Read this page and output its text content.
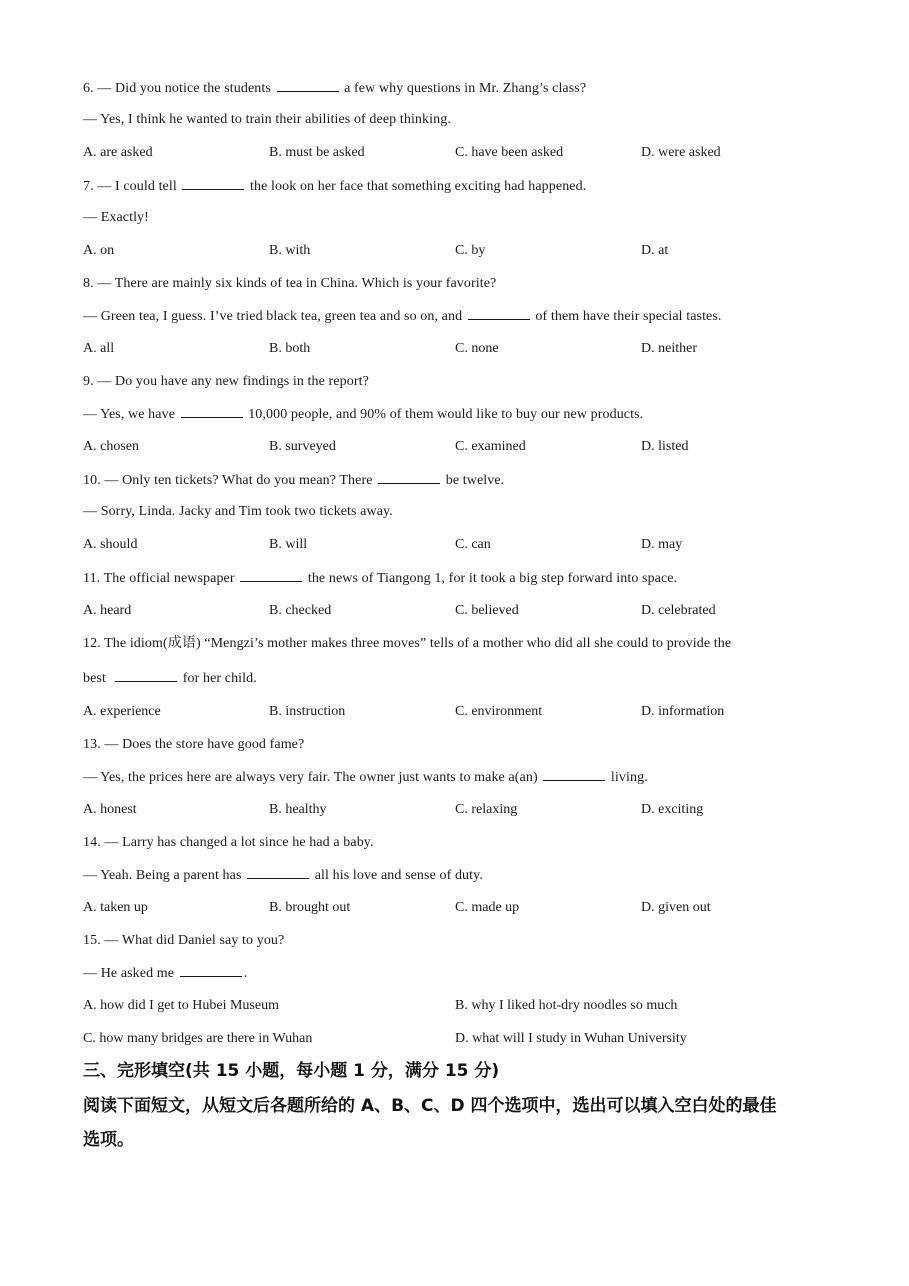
6. — Did you notice the students	a few why questions in Mr. Zhang’s class?
— Yes, I think he wanted to train their abilities of deep thinking.
A. are asked	B. must be asked	C. have been asked	D. were asked
7. — I could tell	the look on her face that something exciting had happened.
— Exactly!
A. on	B. with	C. by	D. at
8. — There are mainly six kinds of tea in China. Which is your favorite?
— Green tea, I guess. I’ve tried black tea, green tea and so on, and	of them have their special tastes.
A. all	B. both	C. none	D. neither
9. — Do you have any new findings in the report?
— Yes, we have	10,000 people, and 90% of them would like to buy our new products.
A. chosen	B. surveyed	C. examined	D. listed
10. — Only ten tickets? What do you mean? There	be twelve.
— Sorry, Linda. Jacky and Tim took two tickets away.
A. should	B. will	C. can	D. may
11. The official newspaper	the news of Tiangong 1, for it took a big step forward into space.
A. heard	B. checked	C. believed	D. celebrated
12. The idiom(成语) “Mengzi’s mother makes three moves” tells of a mother who did all she could to provide the
best	for her child.
A. experience	B. instruction	C. environment	D. information
13. — Does the store have good fame?
— Yes, the prices here are always very fair. The owner just wants to make a(an)	living.
A. honest	B. healthy	C. relaxing	D. exciting
14. — Larry has changed a lot since he had a baby.
— Yeah. Being a parent has	all his love and sense of duty.
A. taken up	B. brought out	C. made up	D. given out
15. — What did Daniel say to you?
— He asked me	.
A. how did I get to Hubei Museum	B. why I liked hot-dry noodles so much
C. how many bridges are there in Wuhan	D. what will I study in Wuhan University
三、完形填空(共 15 小题，每小题 1 分，满分 15 分)
阅读下面短文，从短文后各题所给的 A、B、C、D 四个选项中，选出可以填入空白处的最佳
选项。
